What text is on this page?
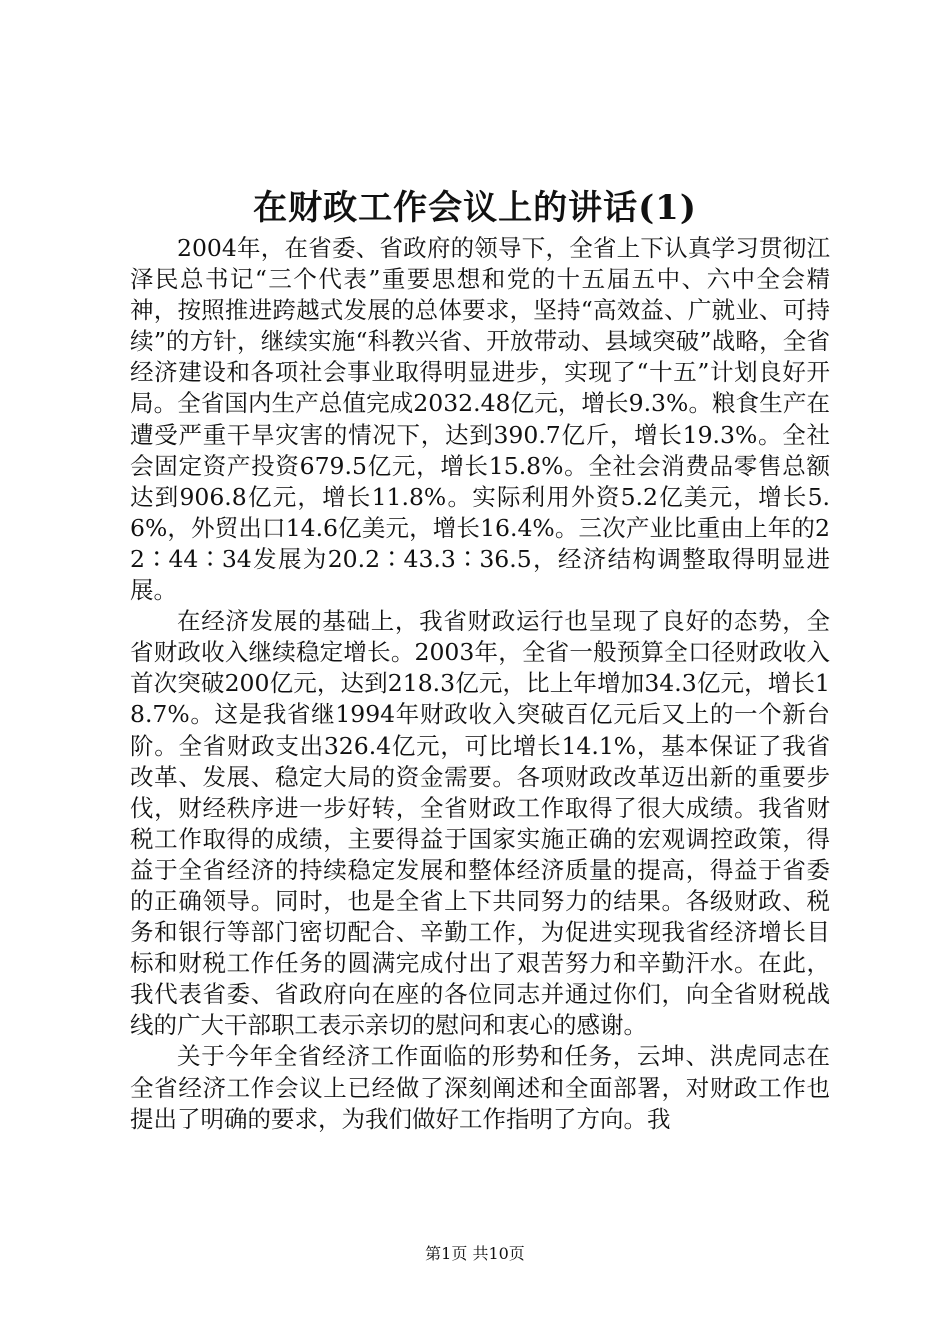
在财政工作会议上的讲话(1)

2004年，在省委、省政府的领导下，全省上下认真学习贯彻江泽民总书记“三个代表”重要思想和党的十五届五中、六中全会精神，按照推进跨越式发展的总体要求，坚持“高效益、广就业、可持续”的方针，继续实施“科教兴省、开放带动、县域突破”战略，全省经济建设和各项社会事业取得明显进步，实现了“十五”计划良好开局。全省国内生产总值完成2032.48亿元，增长9.3%。粮食生产在遭受严重干旱灾害的情况下，达到390.7亿斤，增长19.3%。全社会固定资产投资679.5亿元，增长15.8%。全社会消费品零售总额达到906.8亿元，增长11.8%。实际利用外资5.2亿美元，增长5.6%，外贸出口14.6亿美元，增长16.4%。三次产业比重由上年的22∶44∶34发展为20.2∶43.3∶36.5，经济结构调整取得明显进展。

在经济发展的基础上，我省财政运行也呈现了良好的态势，全省财政收入继续稳定增长。2003年，全省一般预算全口径财政收入首次突破200亿元，达到218.3亿元，比上年增加34.3亿元，增长18.7%。这是我省继1994年财政收入突破百亿元后又上的一个新台阶。全省财政支出326.4亿元，可比增长14.1%，基本保证了我省改革、发展、稳定大局的资金需要。各项财政改革迈出新的重要步伐，财经秩序进一步好转，全省财政工作取得了很大成绩。我省财税工作取得的成绩，主要得益于国家实施正确的宏观调控政策，得益于全省经济的持续稳定发展和整体经济质量的提高，得益于省委的正确领导。同时，也是全省上下共同努力的结果。各级财政、税务和银行等部门密切配合、辛勤工作，为促进实现我省经济增长目标和财税工作任务的圆满完成付出了艰苦努力和辛勤汗水。在此，我代表省委、省政府向在座的各位同志并通过你们，向全省财税战线的广大干部职工表示亲切的慰问和衷心的感谢。

关于今年全省经济工作面临的形势和任务，云坤、洪虎同志在全省经济工作会议上已经做了深刻阐述和全面部署，对财政工作也提出了明确的要求，为我们做好工作指明了方向。我

第1页 共10页
